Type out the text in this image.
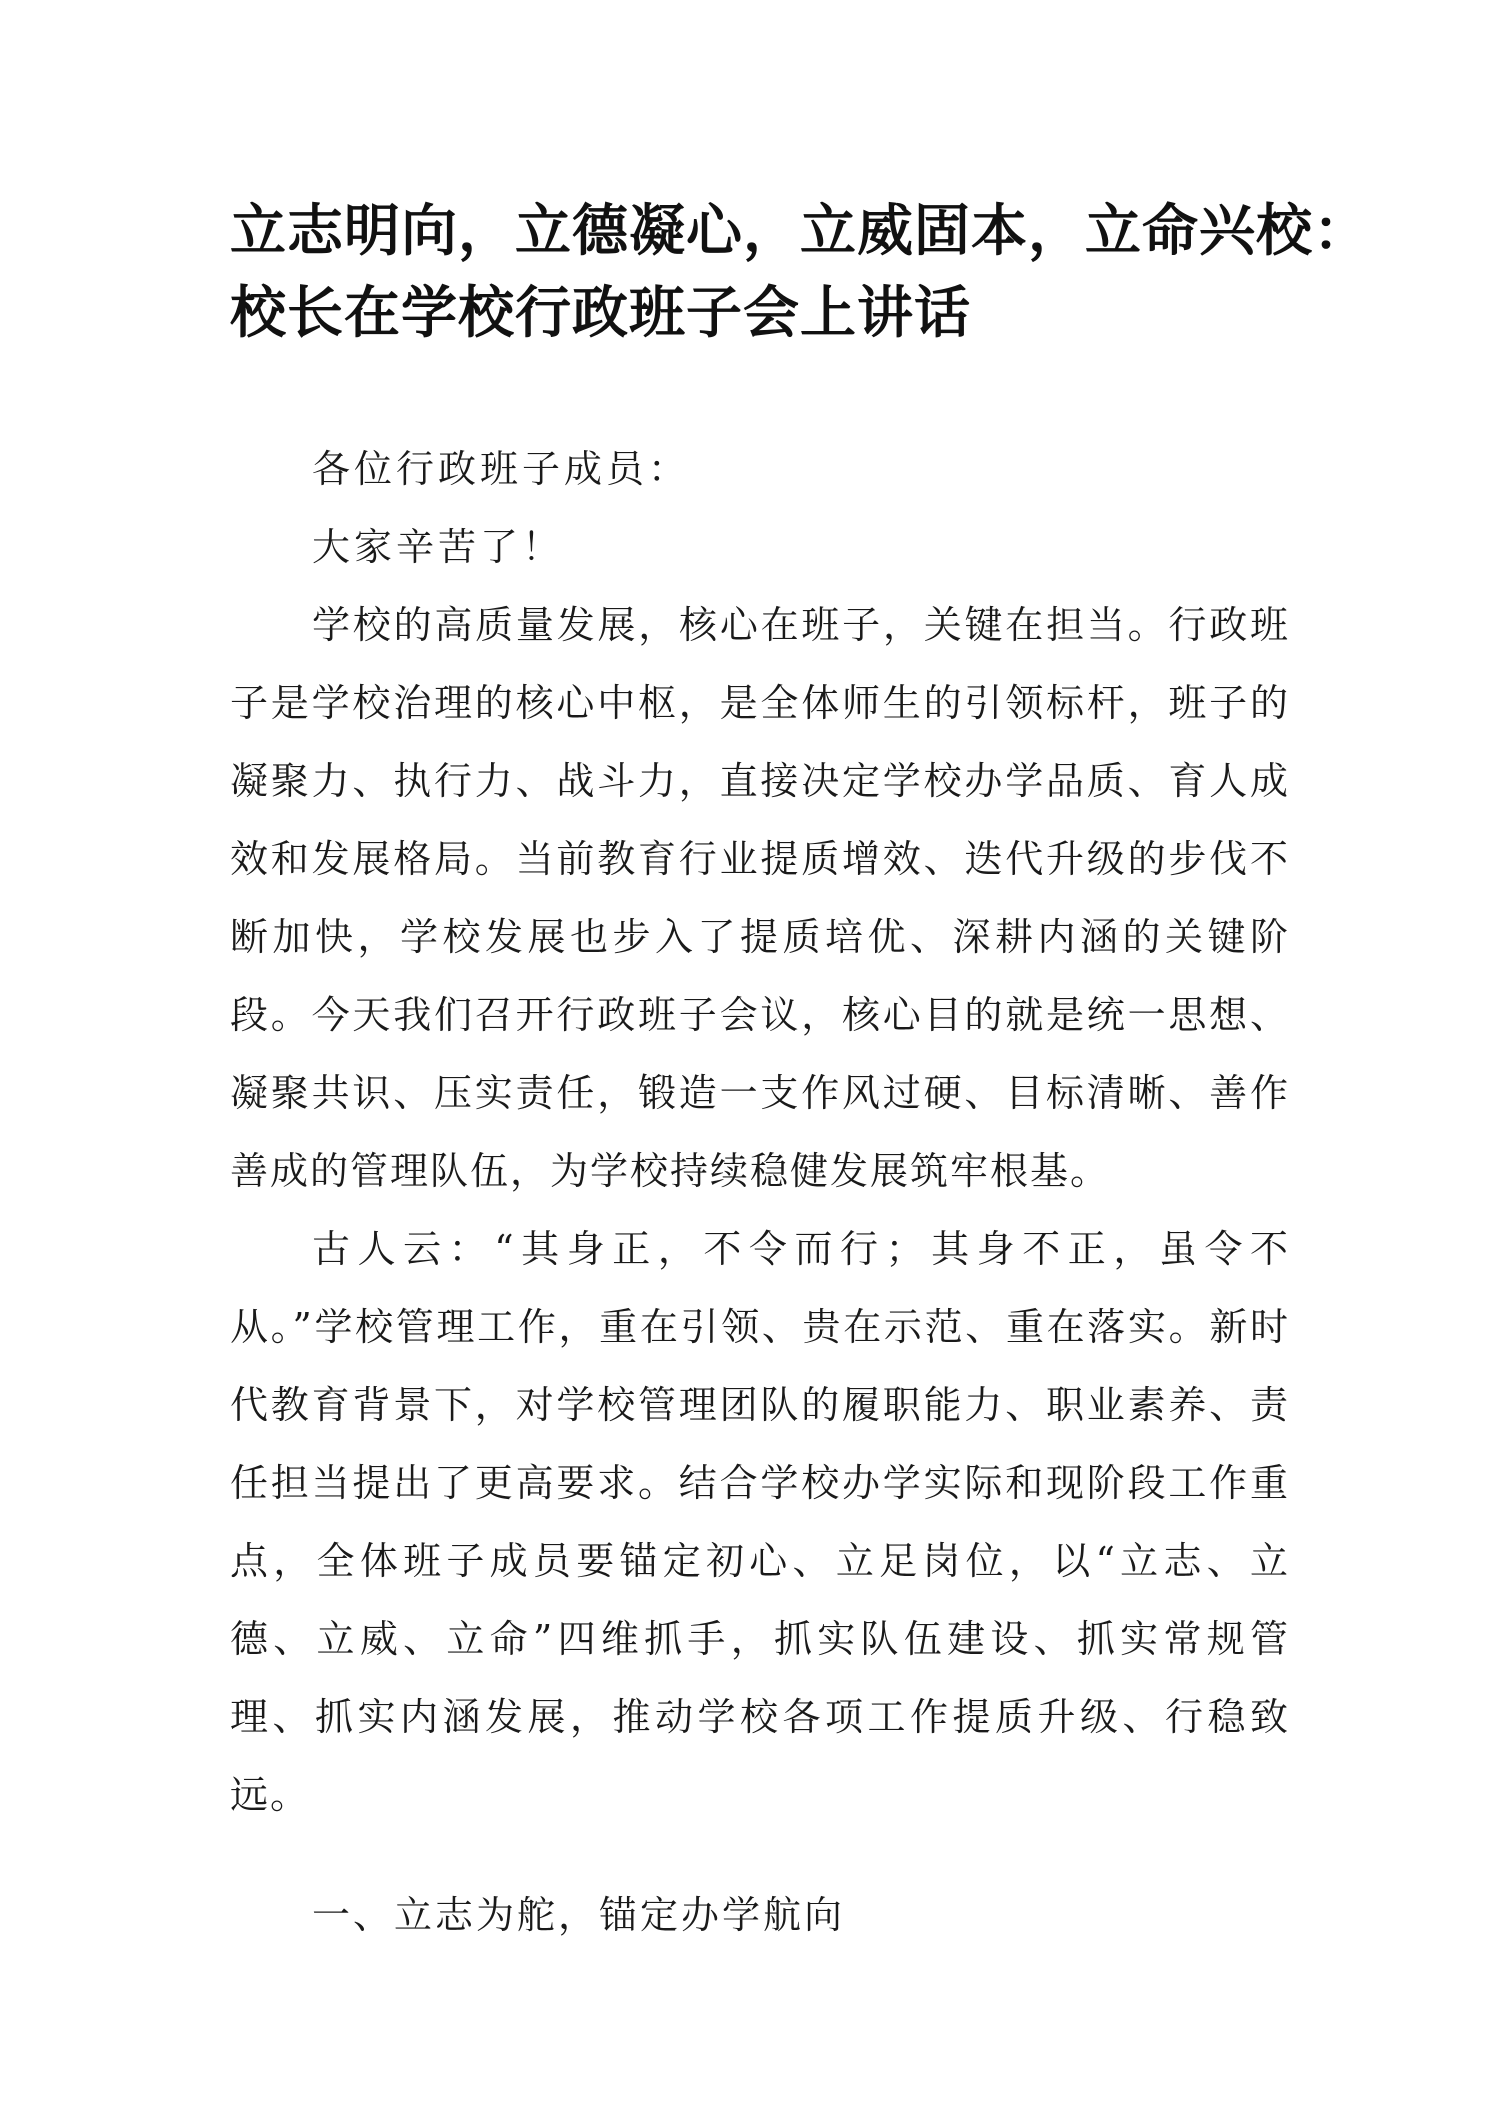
立志明向，立德凝心，立威固本，立命兴校：
校长在学校行政班子会上讲话

各位行政班子成员：

大家辛苦了！

学校的高质量发展，核心在班子，关键在担当。行政班子是学校治理的核心中枢，是全体师生的引领标杆，班子的凝聚力、执行力、战斗力，直接决定学校办学品质、育人成效和发展格局。当前教育行业提质增效、迭代升级的步伐不断加快，学校发展也步入了提质培优、深耕内涵的关键阶段。今天我们召开行政班子会议，核心目的就是统一思想、凝聚共识、压实责任，锻造一支作风过硬、目标清晰、善作善成的管理队伍，为学校持续稳健发展筑牢根基。

古人云：“其身正，不令而行；其身不正，虽令不从。”学校管理工作，重在引领、贵在示范、重在落实。新时代教育背景下，对学校管理团队的履职能力、职业素养、责任担当提出了更高要求。结合学校办学实际和现阶段工作重点，全体班子成员要锚定初心、立足岗位，以“立志、立德、立威、立命”四维抓手，抓实队伍建设、抓实常规管理、抓实内涵发展，推动学校各项工作提质升级、行稳致远。

一、立志为舵，锚定办学航向
